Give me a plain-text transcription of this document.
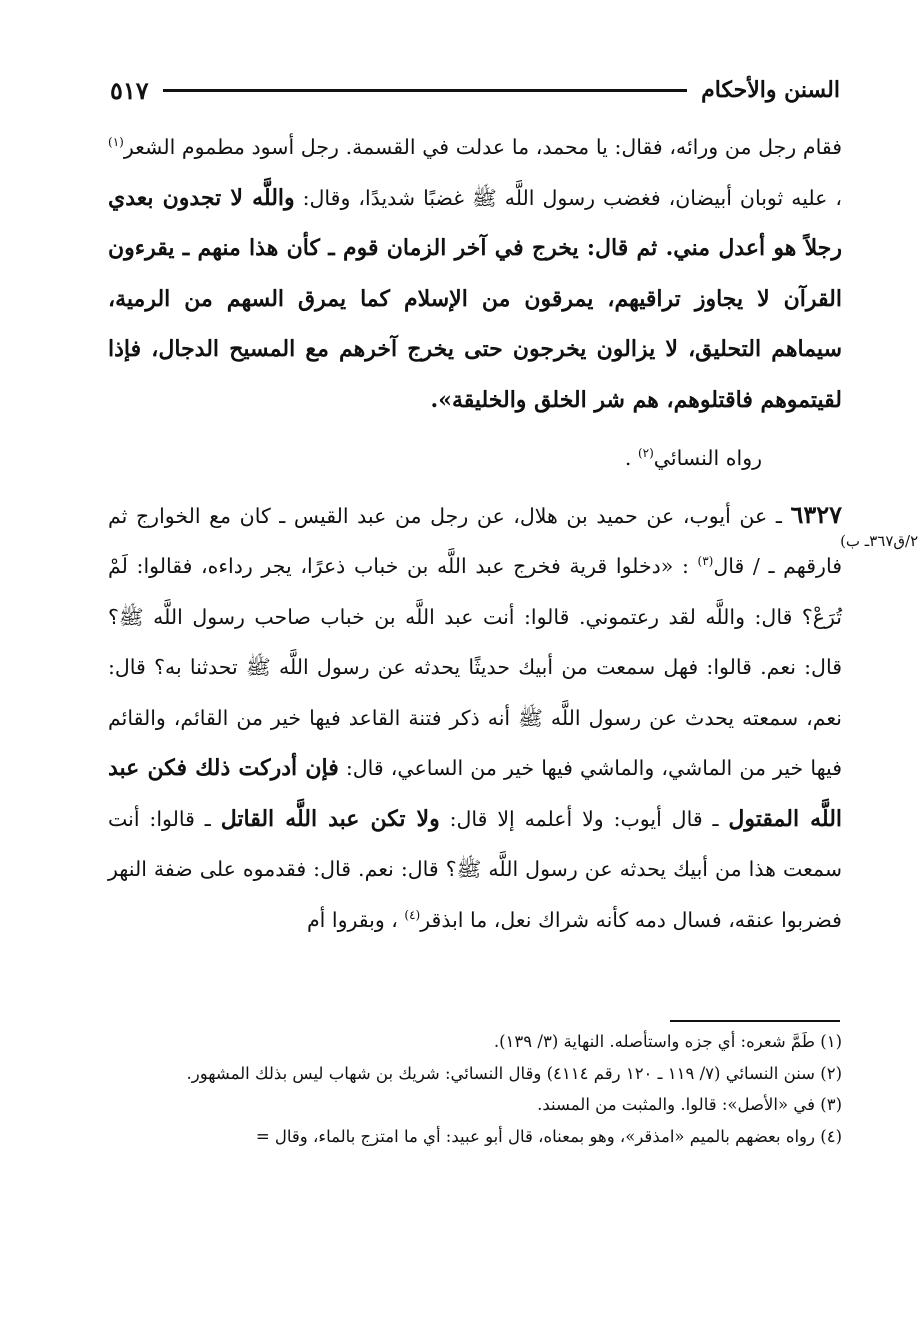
السنن والأحكام
٥١٧

فقام رجل من ورائه، فقال: يا محمد، ما عدلت في القسمة. رجل أسود مطموم الشعر$^{(١)}$ ، عليه ثوبان أبيضان، فغضب رسول اللَّه ﷺ غضبًا شديدًا، وقال: واللَّه لا تجدون بعدي رجلاً هو أعدل مني. ثم قال: يخرج في آخر الزمان قوم ـ كأن هذا منهم ـ يقرءون القرآن لا يجاوز تراقيهم، يمرقون من الإسلام كما يمرق السهم من الرمية، سيماهم التحليق، لا يزالون يخرجون حتى يخرج آخرهم مع المسيح الدجال، فإذا لقيتموهم فاقتلوهم، هم شر الخلق والخليقة».

رواه النسائي$^{(٢)}$ .

٦٣٢٧ ـ عن أيوب، عن حميد بن هلال، عن رجل من عبد القيس ـ كان مع الخوارج ثم فارقهم ـ / قال$^{(٣)}$ : «دخلوا قرية فخرج عبد اللَّه بن خباب ذعرًا، يجر رداءه، فقالوا: لَمْ تُرَعْ؟ قال: واللَّه لقد رعتموني. قالوا: أنت عبد اللَّه بن خباب صاحب رسول اللَّه ﷺ؟ قال: نعم. قالوا: فهل سمعت من أبيك حديثًا يحدثه عن رسول اللَّه ﷺ تحدثنا به؟ قال: نعم، سمعته يحدث عن رسول اللَّه ﷺ أنه ذكر فتنة القاعد فيها خير من القائم، والقائم فيها خير من الماشي، والماشي فيها خير من الساعي، قال: فإن أدركت ذلك فكن عبد اللَّه المقتول ـ قال أيوب: ولا أعلمه إلا قال: ولا تكن عبد اللَّه القاتل ـ قالوا: أنت سمعت هذا من أبيك يحدثه عن رسول اللَّه ﷺ؟ قال: نعم. قال: فقدموه على ضفة النهر فضربوا عنقه، فسال دمه كأنه شراك نعل، ما ابذقر$^{(٤)}$ ، وبقروا أم

٢/ق٣٦٧ـ ب)

(١) طَمَّ شعره: أي جزه واستأصله. النهاية (٣/ ١٣٩).

(٢) سنن النسائي (٧/ ١١٩ ـ ١٢٠ رقم ٤١١٤) وقال النسائي: شريك بن شهاب ليس بذلك المشهور.

(٣) في «الأصل»: قالوا. والمثبت من المسند.

(٤) رواه بعضهم بالميم «امذقر»، وهو بمعناه، قال أبو عبيد: أي ما امتزج بالماء، وقال =
